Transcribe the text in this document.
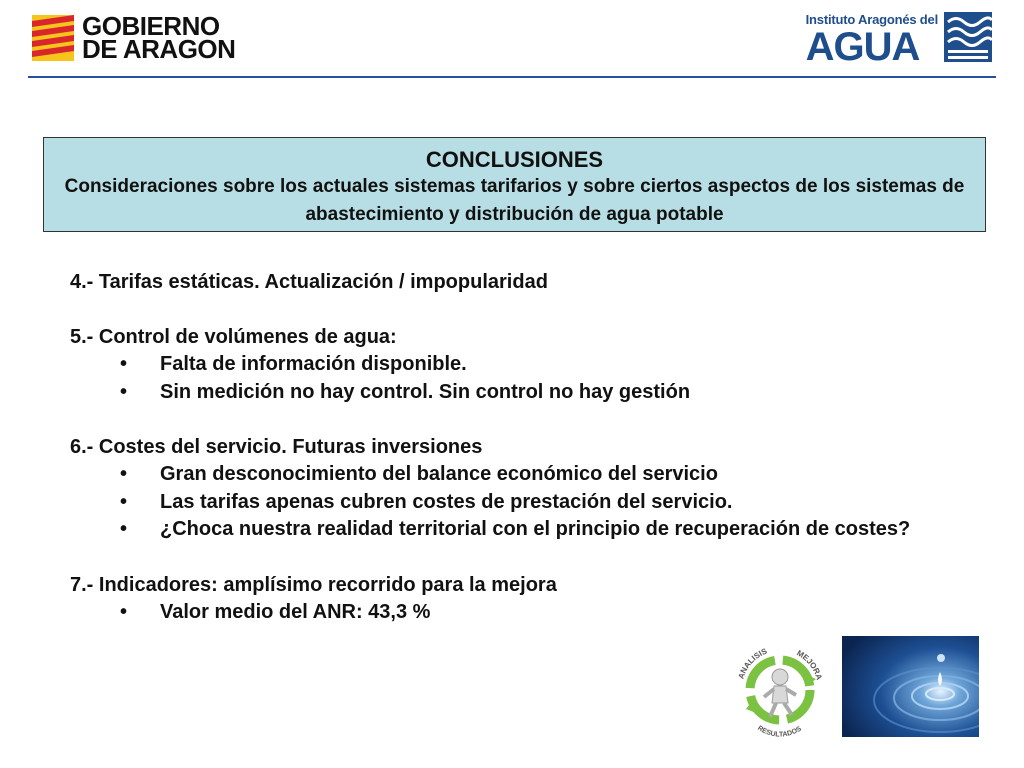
GOBIERNO
DE ARAGON
Instituto Aragonés del
AGUA
CONCLUSIONES
Consideraciones sobre los actuales sistemas tarifarios y sobre ciertos aspectos de los sistemas de abastecimiento y distribución de agua potable
4.- Tarifas estáticas. Actualización / impopularidad
5.- Control de volúmenes de agua:
• Falta de información disponible.
• Sin medición no hay control. Sin control no hay gestión
6.- Costes del servicio. Futuras inversiones
• Gran desconocimiento del balance económico del servicio
• Las tarifas apenas cubren costes de prestación del servicio.
• ¿Choca nuestra realidad territorial con el principio de recuperación de costes?
7.- Indicadores: amplísimo recorrido para la mejora
• Valor medio del ANR: 43,3 %
ANALISIS	MEJORA
RESULTADOS
